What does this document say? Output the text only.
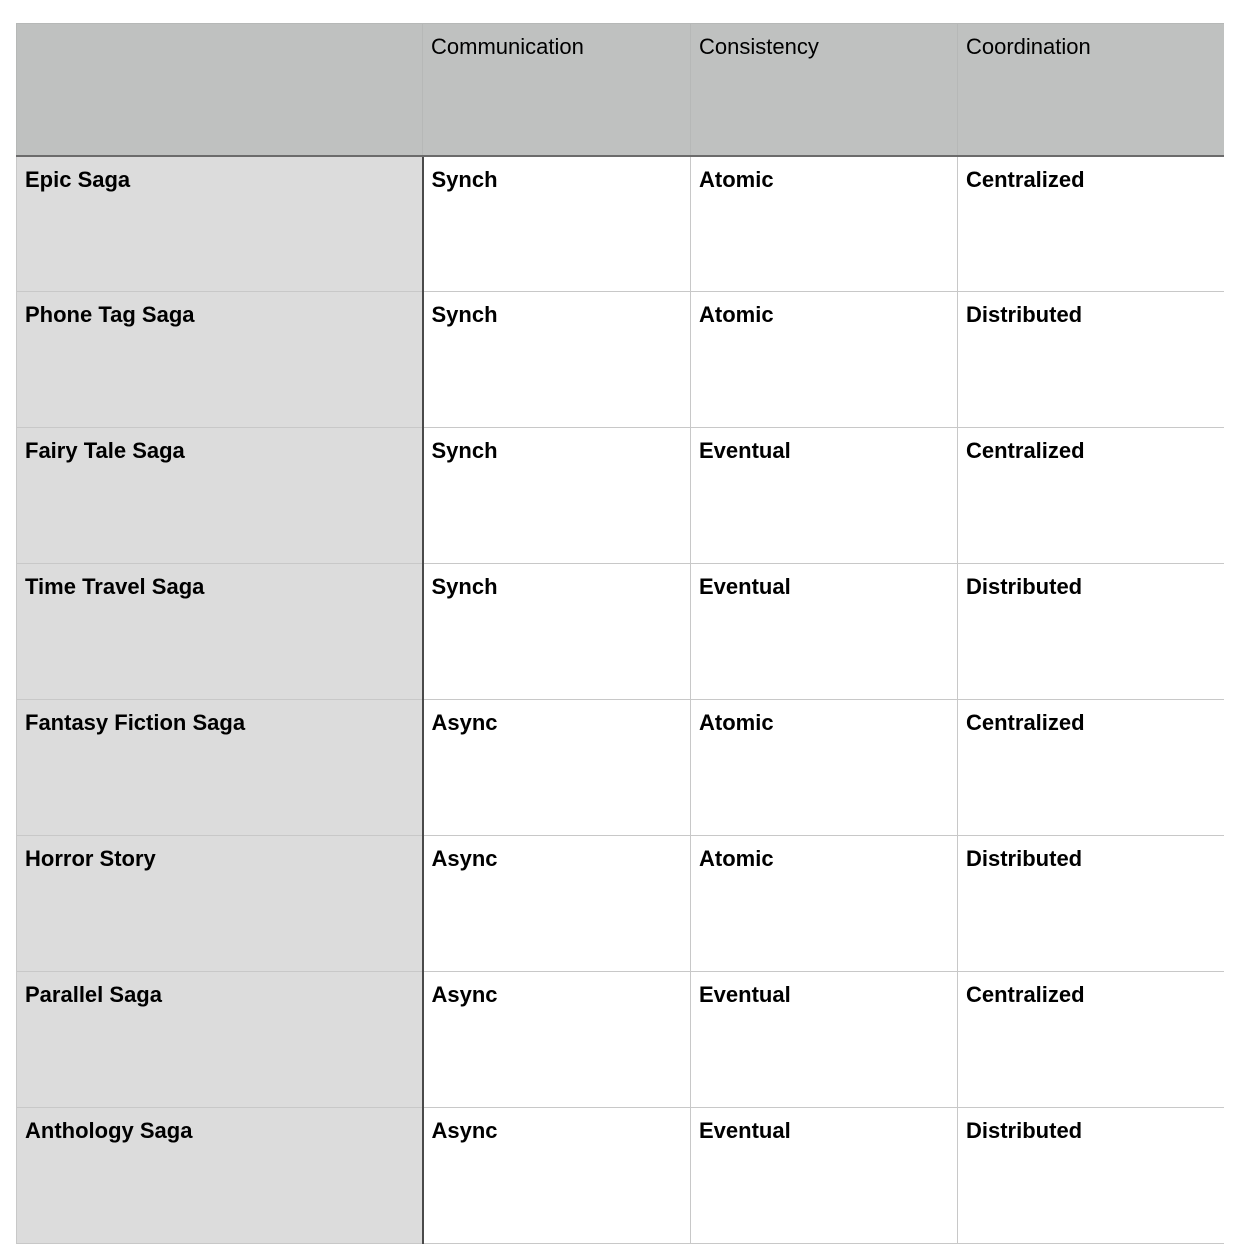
	Communication	Consistency	Coordination
Epic Saga	Synch	Atomic	Centralized
Phone Tag Saga	Synch	Atomic	Distributed
Fairy Tale Saga	Synch	Eventual	Centralized
Time Travel Saga	Synch	Eventual	Distributed
Fantasy Fiction Saga	Async	Atomic	Centralized
Horror Story	Async	Atomic	Distributed
Parallel Saga	Async	Eventual	Centralized
Anthology Saga	Async	Eventual	Distributed
